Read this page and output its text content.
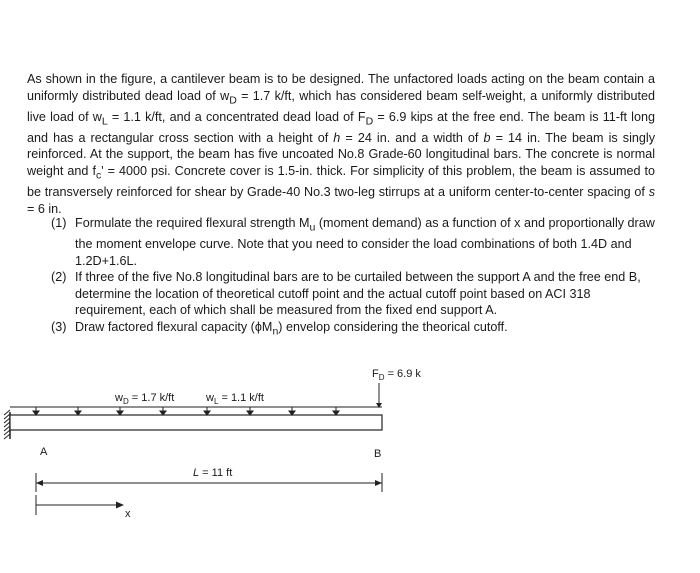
As shown in the figure, a cantilever beam is to be designed. The unfactored loads acting on the beam contain a uniformly distributed dead load of $w_D = 1.7$ k/ft, which has considered beam self-weight, a uniformly distributed live load of $w_L = 1.1$ k/ft, and a concentrated dead load of $F_D = 6.9$ kips at the free end. The beam is 11-ft long and has a rectangular cross section with a height of h = 24 in. and a width of b = 14 in. The beam is singly reinforced. At the support, the beam has five uncoated No.8 Grade-60 longitudinal bars. The concrete is normal weight and $f_c' = 4000$ psi. Concrete cover is 1.5-in. thick. For simplicity of this problem, the beam is assumed to be transversely reinforced for shear by Grade-40 No.3 two-leg stirrups at a uniform center-to-center spacing of s = 6 in.

(1) Formulate the required flexural strength $M_u$ (moment demand) as a function of x and proportionally draw the moment envelope curve. Note that you need to consider the load combinations of both 1.4D and 1.2D+1.6L.
(2) If three of the five No.8 longitudinal bars are to be curtailed between the support A and the free end B, determine the location of theoretical cutoff point and the actual cutoff point based on ACI 318 requirement, each of which shall be measured from the fixed end support A.
(3) Draw factored flexural capacity $(\phi M_n)$ envelop considering the theorical cutoff.
$F_D = 6.9$ k
$w_D = 1.7$ k/ft	$w_L = 1.1$ k/ft
A	B
L = 11 ft
x
